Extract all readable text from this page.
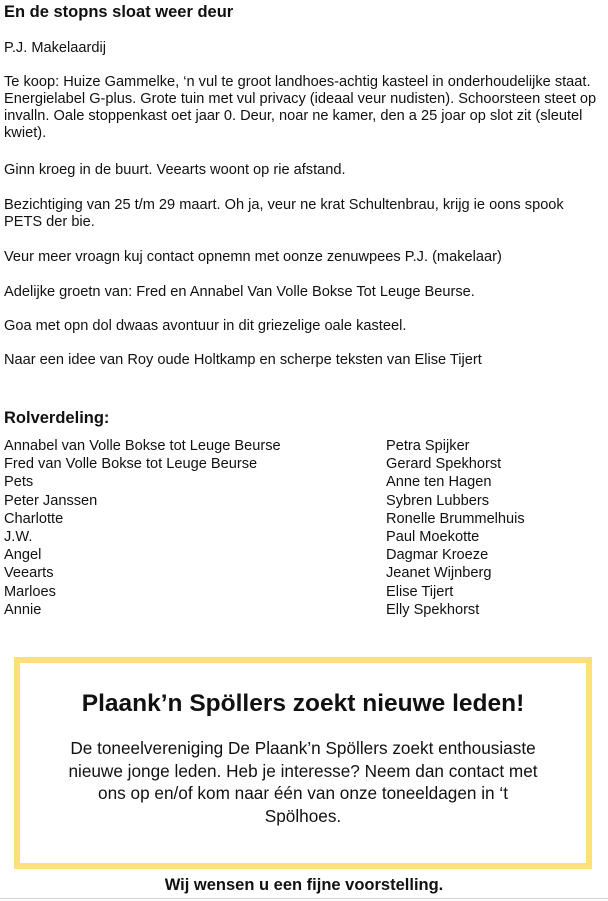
En de stopns sloat weer deur

P.J. Makelaardij

Te koop: Huize Gammelke, ‘n vul te groot landhoes-achtig kasteel in onderhoudelijke staat. Energielabel G-plus. Grote tuin met vul privacy (ideaal veur nudisten). Schoorsteen steet op invalln. Oale stoppenkast oet jaar 0. Deur, noar ne kamer, den a 25 joar op slot zit (sleutel kwiet).

Ginn kroeg in de buurt. Veearts woont op rie afstand.

Bezichtiging van 25 t/m 29 maart. Oh ja, veur ne krat Schultenbrau, krijg ie oons spook PETS der bie.

Veur meer vroagn kuj contact opnemn met oonze zenuwpees P.J. (makelaar)

Adelijke groetn van: Fred en Annabel Van Volle Bokse Tot Leuge Beurse.

Goa met opn dol dwaas avontuur in dit griezelige oale kasteel.

Naar een idee van Roy oude Holtkamp en scherpe teksten van Elise Tijert

Rolverdeling:
Annabel van Volle Bokse tot Leuge Beurse	Petra Spijker
Fred van Volle Bokse tot Leuge Beurse	Gerard Spekhorst
Pets	Anne ten Hagen
Peter Janssen	Sybren Lubbers
Charlotte	Ronelle Brummelhuis
J.W.	Paul Moekotte
Angel	Dagmar Kroeze
Veearts	Jeanet Wijnberg
Marloes	Elise Tijert
Annie	Elly Spekhorst
Plaank’n Spöllers zoekt nieuwe leden!

De toneelvereniging De Plaank’n Spöllers zoekt enthousiaste nieuwe jonge leden. Heb je interesse? Neem dan contact met ons op en/of kom naar één van onze toneeldagen in ‘t Spölhoes.

Wij wensen u een fijne voorstelling.
